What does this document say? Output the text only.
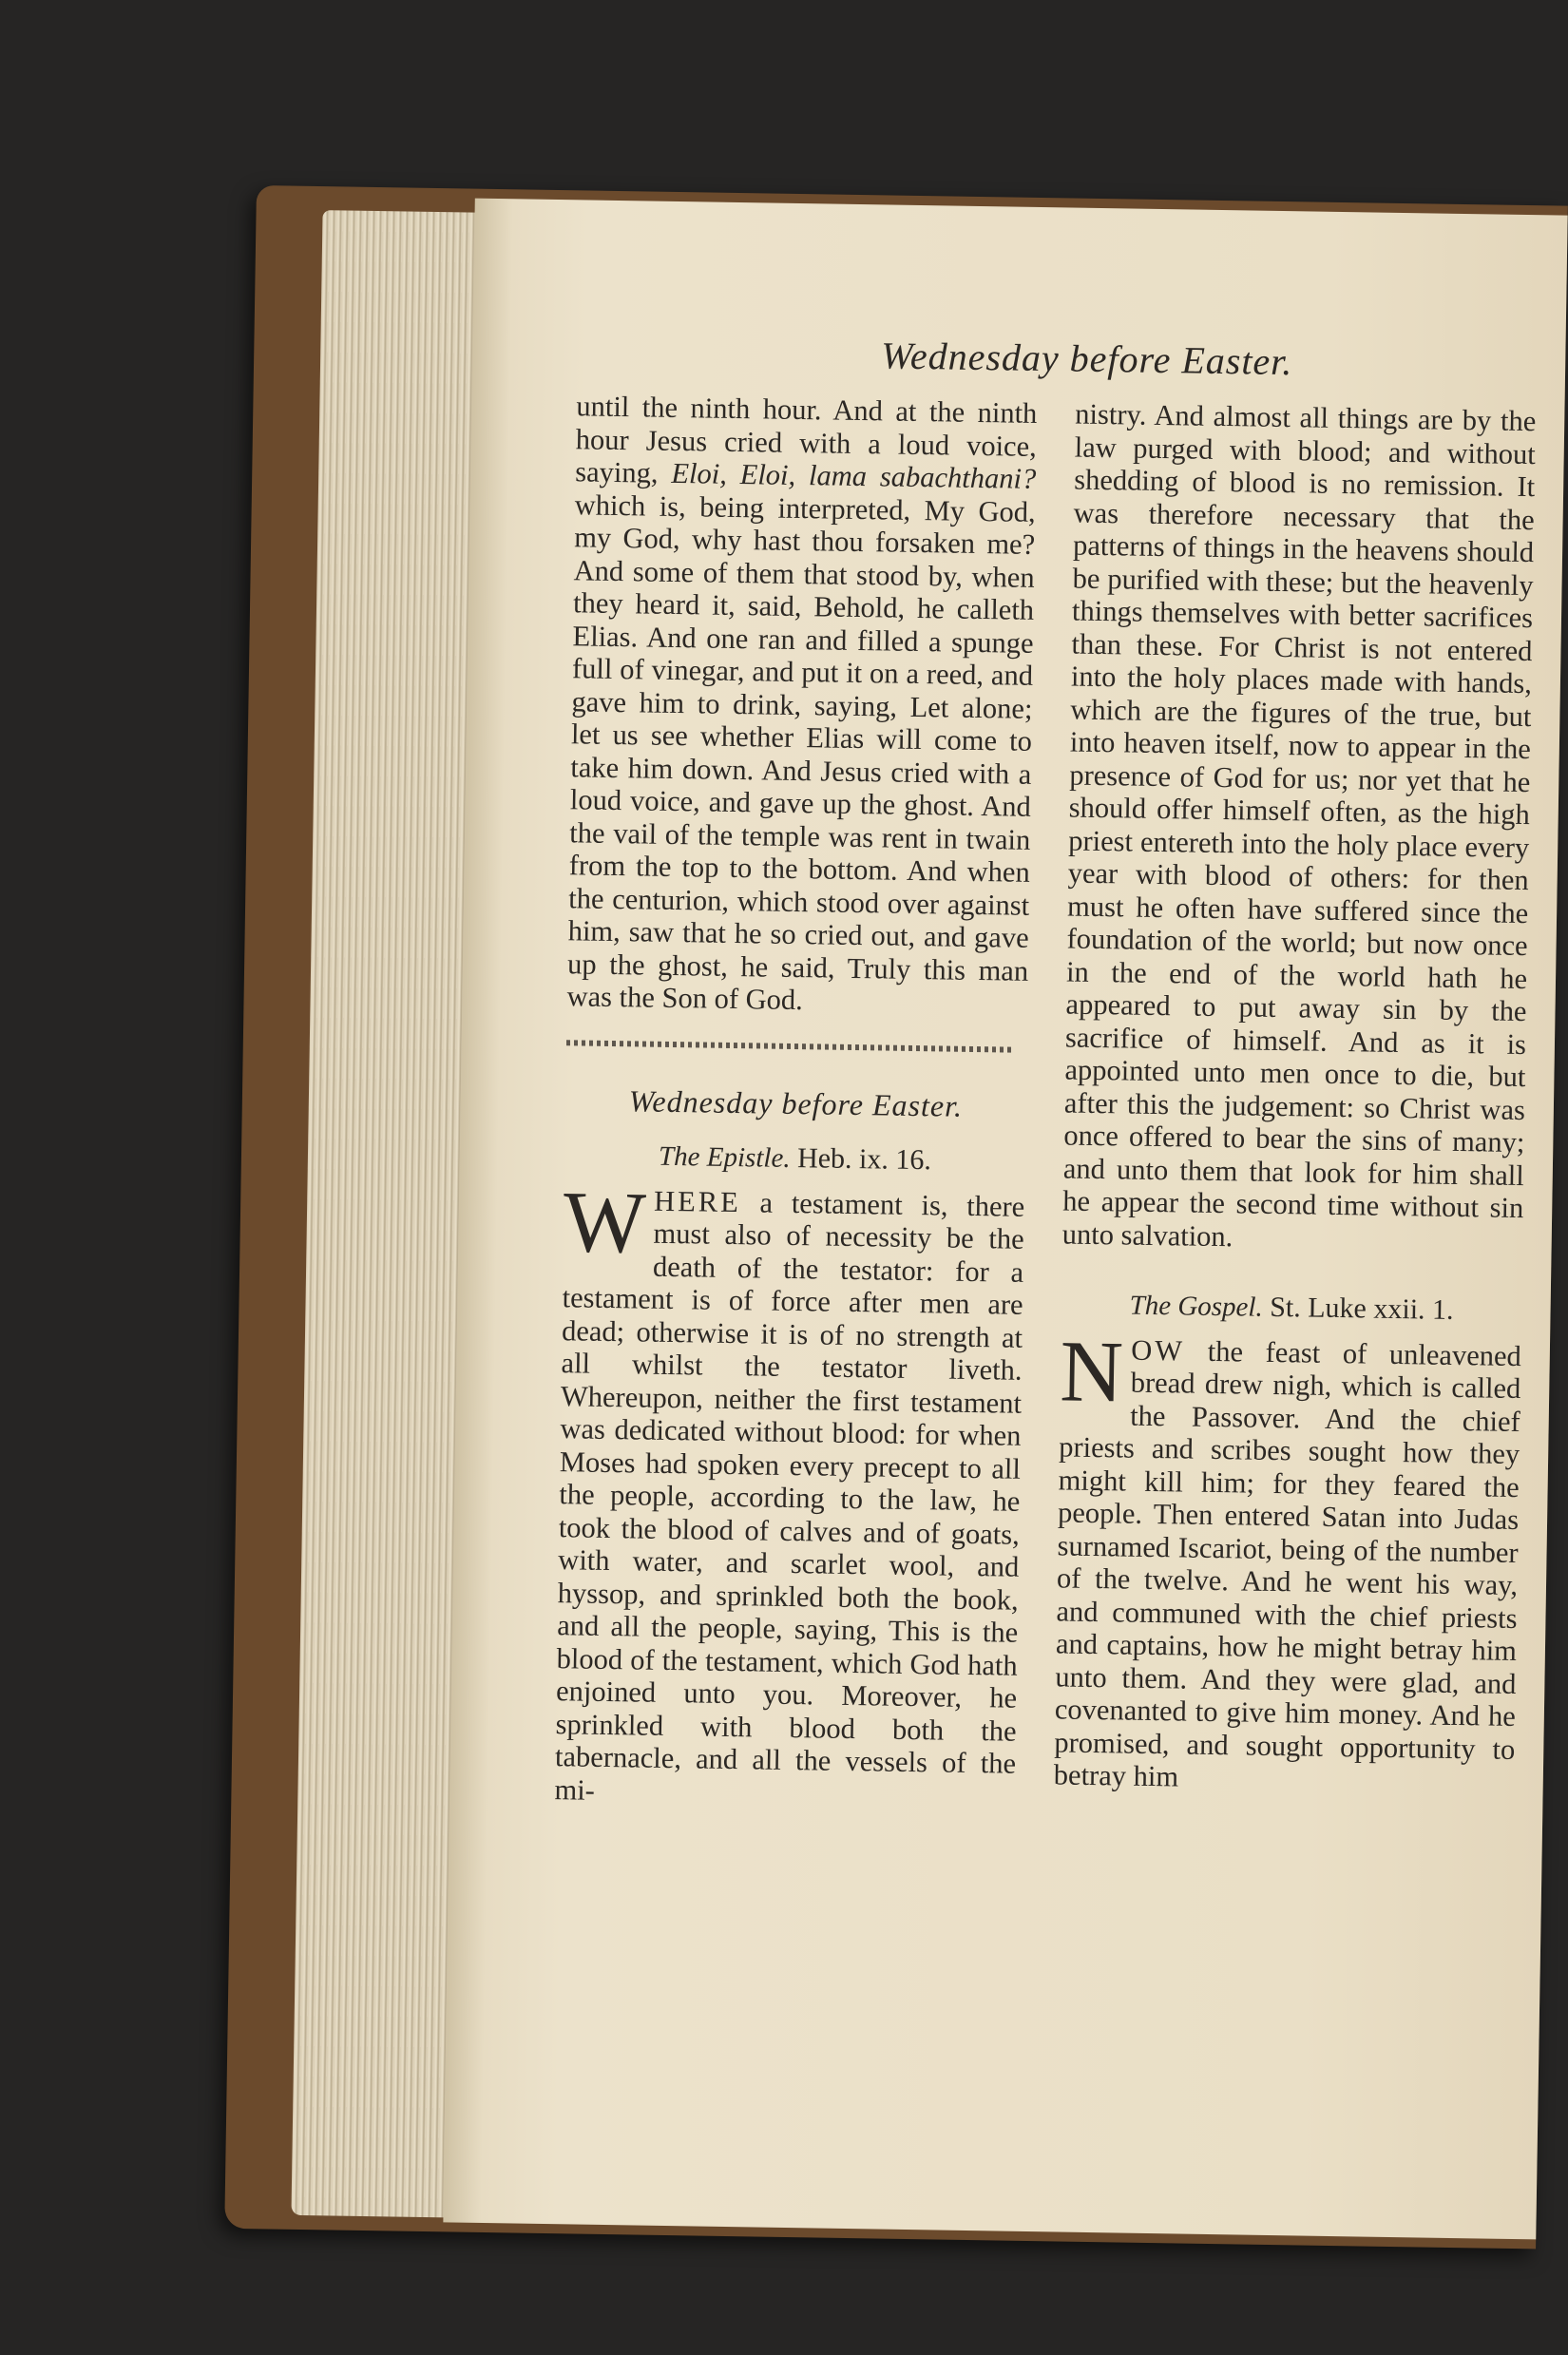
Wednesday before Easter.

until the ninth hour. And at the ninth hour Jesus cried with a loud voice, saying, Eloi, Eloi, lama sabachthani? which is, being interpreted, My God, my God, why hast thou forsaken me? And some of them that stood by, when they heard it, said, Behold, he calleth Elias. And one ran and filled a spunge full of vinegar, and put it on a reed, and gave him to drink, saying, Let alone; let us see whether Elias will come to take him down. And Jesus cried with a loud voice, and gave up the ghost. And the vail of the temple was rent in twain from the top to the bottom. And when the centurion, which stood over against him, saw that he so cried out, and gave up the ghost, he said, Truly this man was the Son of God.

Wednesday before Easter.
The Epistle. Heb. ix. 16.

WHERE a testament is, there must also of necessity be the death of the testator: for a testament is of force after men are dead; otherwise it is of no strength at all whilst the testator liveth. Whereupon, neither the first testament was dedicated without blood: for when Moses had spoken every precept to all the people, according to the law, he took the blood of calves and of goats, with water, and scarlet wool, and hyssop, and sprinkled both the book, and all the people, saying, This is the blood of the testament, which God hath enjoined unto you. Moreover, he sprinkled with blood both the tabernacle, and all the vessels of the mi-

nistry. And almost all things are by the law purged with blood; and without shedding of blood is no remission. It was therefore necessary that the patterns of things in the heavens should be purified with these; but the heavenly things themselves with better sacrifices than these. For Christ is not entered into the holy places made with hands, which are the figures of the true, but into heaven itself, now to appear in the presence of God for us; nor yet that he should offer himself often, as the high priest entereth into the holy place every year with blood of others: for then must he often have suffered since the foundation of the world; but now once in the end of the world hath he appeared to put away sin by the sacrifice of himself. And as it is appointed unto men once to die, but after this the judgement: so Christ was once offered to bear the sins of many; and unto them that look for him shall he appear the second time without sin unto salvation.

The Gospel. St. Luke xxii. 1.

NOW the feast of unleavened bread drew nigh, which is called the Passover. And the chief priests and scribes sought how they might kill him; for they feared the people. Then entered Satan into Judas surnamed Iscariot, being of the number of the twelve. And he went his way, and communed with the chief priests and captains, how he might betray him unto them. And they were glad, and covenanted to give him money. And he promised, and sought opportunity to betray him
